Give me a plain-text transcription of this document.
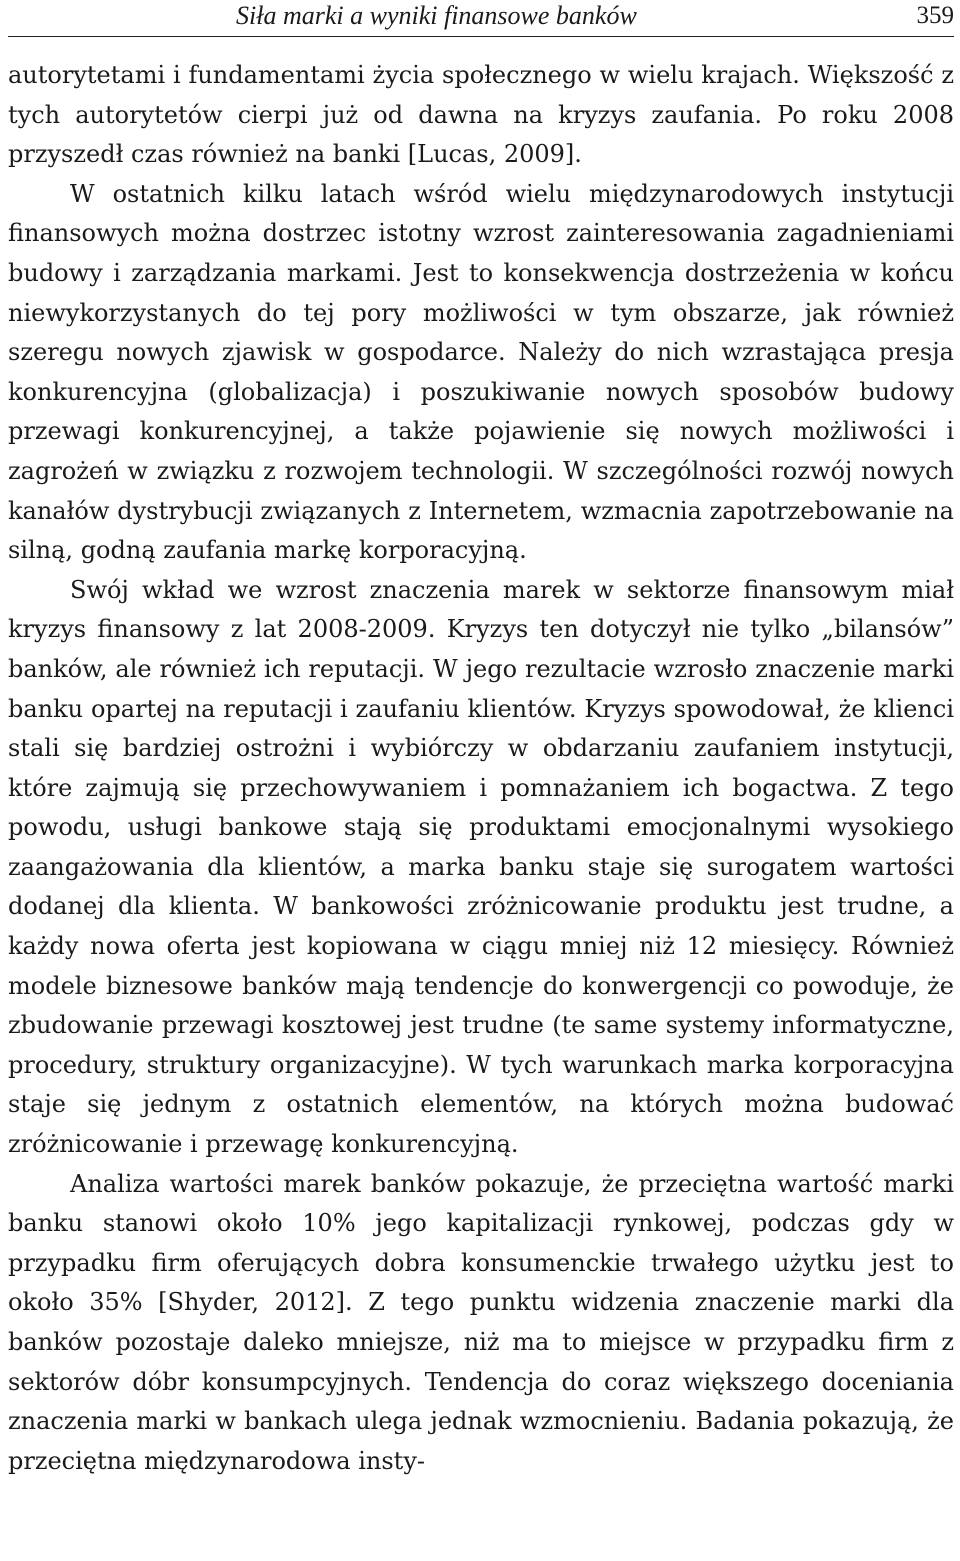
Siła marki a wyniki finansowe banków	359

autorytetami i fundamentami życia społecznego w wielu krajach. Większość z tych autorytetów cierpi już od dawna na kryzys zaufania. Po roku 2008 przyszedł czas również na banki [Lucas, 2009].

W ostatnich kilku latach wśród wielu międzynarodowych instytucji finansowych można dostrzec istotny wzrost zainteresowania zagadnieniami budowy i zarządzania markami. Jest to konsekwencja dostrzeżenia w końcu niewykorzystanych do tej pory możliwości w tym obszarze, jak również szeregu nowych zjawisk w gospodarce. Należy do nich wzrastająca presja konkurencyjna (globalizacja) i poszukiwanie nowych sposobów budowy przewagi konkurencyjnej, a także pojawienie się nowych możliwości i zagrożeń w związku z rozwojem technologii. W szczególności rozwój nowych kanałów dystrybucji związanych z Internetem, wzmacnia zapotrzebowanie na silną, godną zaufania markę korporacyjną.

Swój wkład we wzrost znaczenia marek w sektorze finansowym miał kryzys finansowy z lat 2008-2009. Kryzys ten dotyczył nie tylko „bilansów” banków, ale również ich reputacji. W jego rezultacie wzrosło znaczenie marki banku opartej na reputacji i zaufaniu klientów. Kryzys spowodował, że klienci stali się bardziej ostrożni i wybiórczy w obdarzaniu zaufaniem instytucji, które zajmują się przechowywaniem i pomnażaniem ich bogactwa. Z tego powodu, usługi bankowe stają się produktami emocjonalnymi wysokiego zaangażowania dla klientów, a marka banku staje się surogatem wartości dodanej dla klienta. W bankowości zróżnicowanie produktu jest trudne, a każdy nowa oferta jest kopiowana w ciągu mniej niż 12 miesięcy. Również modele biznesowe banków mają tendencje do konwergencji co powoduje, że zbudowanie przewagi kosztowej jest trudne (te same systemy informatyczne, procedury, struktury organizacyjne). W tych warunkach marka korporacyjna staje się jednym z ostatnich elementów, na których można budować zróżnicowanie i przewagę konkurencyjną.

Analiza wartości marek banków pokazuje, że przeciętna wartość marki banku stanowi około 10% jego kapitalizacji rynkowej, podczas gdy w przypadku firm oferujących dobra konsumenckie trwałego użytku jest to około 35% [Shyder, 2012]. Z tego punktu widzenia znaczenie marki dla banków pozostaje daleko mniejsze, niż ma to miejsce w przypadku firm z sektorów dóbr konsumpcyjnych. Tendencja do coraz większego doceniania znaczenia marki w bankach ulega jednak wzmocnieniu. Badania pokazują, że przeciętna międzynarodowa insty-
